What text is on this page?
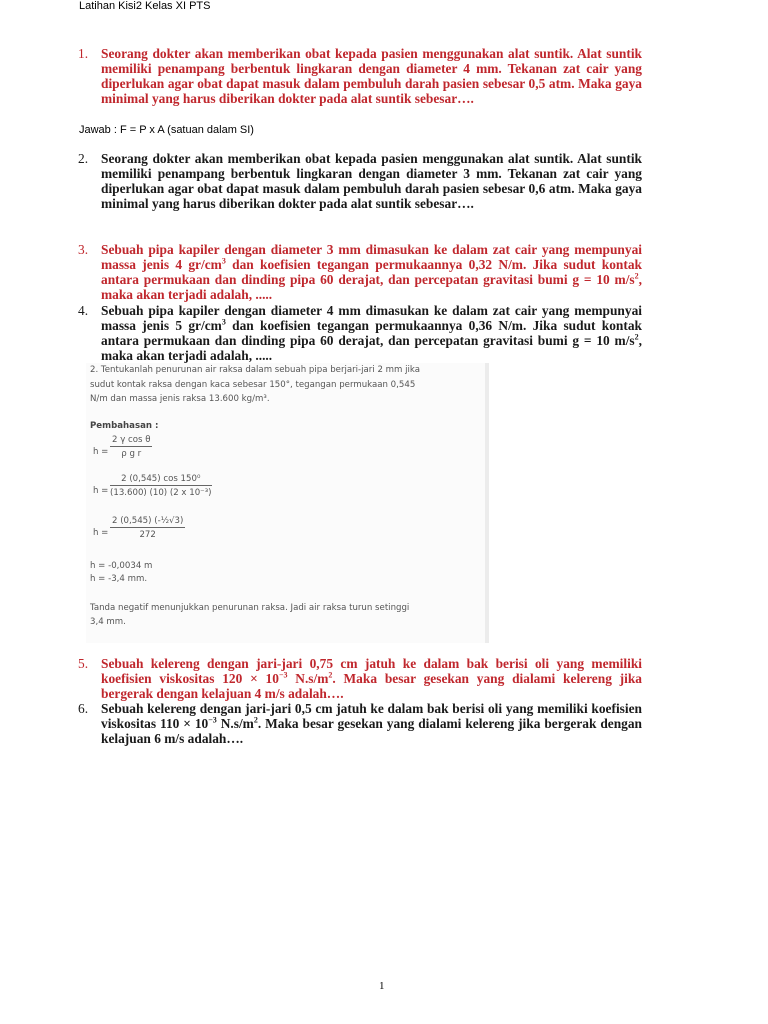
Latihan Kisi2 Kelas XI PTS
1. Seorang dokter akan memberikan obat kepada pasien menggunakan alat suntik. Alat suntik memiliki penampang berbentuk lingkaran dengan diameter 4 mm. Tekanan zat cair yang diperlukan agar obat dapat masuk dalam pembuluh darah pasien sebesar 0,5 atm. Maka gaya minimal yang harus diberikan dokter pada alat suntik sebesar….
Jawab : F = P x A (satuan dalam SI)
2. Seorang dokter akan memberikan obat kepada pasien menggunakan alat suntik. Alat suntik memiliki penampang berbentuk lingkaran dengan diameter 3 mm. Tekanan zat cair yang diperlukan agar obat dapat masuk dalam pembuluh darah pasien sebesar 0,6 atm. Maka gaya minimal yang harus diberikan dokter pada alat suntik sebesar….
3. Sebuah pipa kapiler dengan diameter 3 mm dimasukan ke dalam zat cair yang mempunyai massa jenis 4 $gr/cm^3$ dan koefisien tegangan permukaannya 0,32 N/m. Jika sudut kontak antara permukaan dan dinding pipa 60 derajat, dan percepatan gravitasi bumi g = 10 $m/s^2$, maka akan terjadi adalah, .....
4. Sebuah pipa kapiler dengan diameter 4 mm dimasukan ke dalam zat cair yang mempunyai massa jenis 5 $gr/cm^3$ dan koefisien tegangan permukaannya 0,36 N/m. Jika sudut kontak antara permukaan dan dinding pipa 60 derajat, dan percepatan gravitasi bumi g = 10 $m/s^2$, maka akan terjadi adalah, .....
2. Tentukanlah penurunan air raksa dalam sebuah pipa berjari-jari 2 mm jika
sudut kontak raksa dengan kaca sebesar 150°, tegangan permukaan 0,545
N/m dan massa jenis raksa 13.600 kg/m³.
Pembahasan :
$h = \frac{\text{2 γ cos θ}}{\text{ρ g r}}$
$h = \frac{\text{2 (0,545) cos 150⁰}}{\text{(13.600) (10) (2 x 10⁻³)}}$
$h = \frac{\text{2 (0,545) (-½√3)}}{272}$
h = -0,0034 m
h = -3,4 mm.
Tanda negatif menunjukkan penurunan raksa. Jadi air raksa turun setinggi
3,4 mm.
5. Sebuah kelereng dengan jari-jari 0,75 cm jatuh ke dalam bak berisi oli yang memiliki koefisien viskositas $120 \times 10^{-3}$ $N.s/m^2$. Maka besar gesekan yang dialami kelereng jika bergerak dengan kelajuan 4 m/s adalah….
6. Sebuah kelereng dengan jari-jari 0,5 cm jatuh ke dalam bak berisi oli yang memiliki koefisien viskositas $110 \times 10^{-3}$ $N.s/m^2$. Maka besar gesekan yang dialami kelereng jika bergerak dengan kelajuan 6 m/s adalah….
1
